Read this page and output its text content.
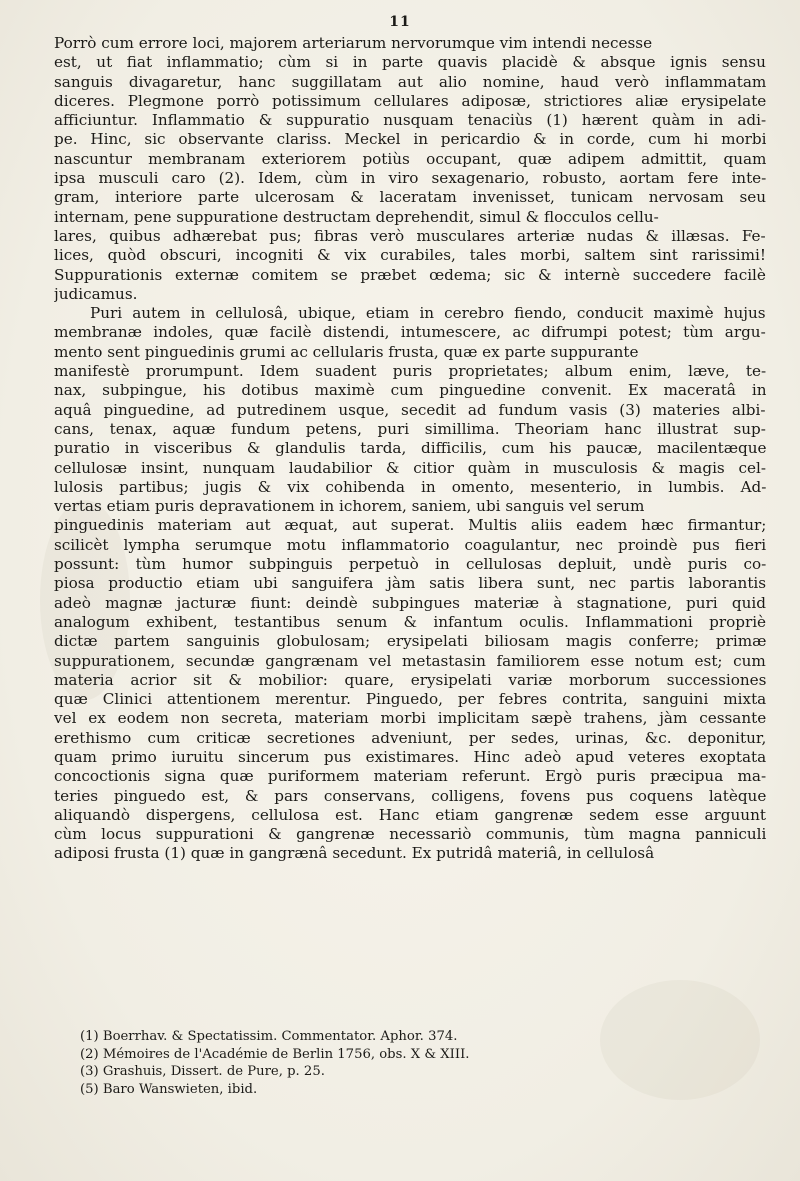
11
Porrò cum errore loci, majorem arteriarum nervorumque vim intendi necesse
est, ut fiat inflammatio; cùm si in parte quavis placidè & absque ignis sensu
sanguis divagaretur, hanc suggillatam aut alio nomine, haud verò inflammatam
diceres. Plegmone porrò potissimum cellulares adiposæ, strictiores aliæ erysipelate
afficiuntur. Inflammatio & suppuratio nusquam tenaciùs (1) hærent quàm in adi-
pe. Hinc, sic observante clariss. Meckel in pericardio & in corde, cum hi morbi
nascuntur membranam exteriorem potiùs occupant, quæ adipem admittit, quam
ipsa musculi caro (2). Idem, cùm in viro sexagenario, robusto, aortam fere inte-
gram, interiore parte ulcerosam & laceratam invenisset, tunicam nervosam seu
internam, pene suppuratione destructam deprehendit, simul & flocculos cellu-
lares, quibus adhærebat pus; fibras verò musculares arteriæ nudas & illæsas. Fe-
lices, quòd obscuri, incogniti & vix curabiles, tales morbi, saltem sint rarissimi!
Suppurationis externæ comitem se præbet œdema; sic & internè succedere facilè
judicamus.
Puri autem in cellulosâ, ubique, etiam in cerebro fiendo, conducit maximè hujus
membranæ indoles, quæ facilè distendi, intumescere, ac difrumpi potest; tùm argu-
mento sent pinguedinis grumi ac cellularis frusta, quæ ex parte suppurante
manifestè prorumpunt. Idem suadent puris proprietates; album enim, læve, te-
nax, subpingue, his dotibus maximè cum pinguedine convenit. Ex maceratâ in
aquâ pinguedine, ad putredinem usque, secedit ad fundum vasis (3) materies albi-
cans, tenax, aquæ fundum petens, puri simillima. Theoriam hanc illustrat sup-
puratio in visceribus & glandulis tarda, difficilis, cum his paucæ, macilentæque
cellulosæ insint, nunquam laudabilior & citior quàm in musculosis & magis cel-
lulosis partibus; jugis & vix cohibenda in omento, mesenterio, in lumbis. Ad-
vertas etiam puris depravationem in ichorem, saniem, ubi sanguis vel serum
pinguedinis materiam aut æquat, aut superat. Multis aliis eadem hæc firmantur;
scilicèt lympha serumque motu inflammatorio coagulantur, nec proindè pus fieri
possunt: tùm humor subpinguis perpetuò in cellulosas depluit, undè puris co-
piosa productio etiam ubi sanguifera jàm satis libera sunt, nec partis laborantis
adeò magnæ jacturæ fiunt: deindè subpingues materiæ à stagnatione, puri quid
analogum exhibent, testantibus senum & infantum oculis. Inflammationi propriè
dictæ partem sanguinis globulosam; erysipelati biliosam magis conferre; primæ
suppurationem, secundæ gangrænam vel metastasin familiorem esse notum est; cum
materia acrior sit & mobilior: quare, erysipelati variæ morborum successiones
quæ Clinici attentionem merentur. Pinguedo, per febres contrita, sanguini mixta
vel ex eodem non secreta, materiam morbi implicitam sæpè trahens, jàm cessante
erethismo cum criticæ secretiones adveniunt, per sedes, urinas, &c. deponitur,
quam primo iuruitu sincerum pus existimares. Hinc adeò apud veteres exoptata
concoctionis signa quæ puriformem materiam referunt. Ergò puris præcipua ma-
teries pinguedo est, & pars conservans, colligens, fovens pus coquens latèque
aliquandò dispergens, cellulosa est. Hanc etiam gangrenæ sedem esse arguunt
cùm locus suppurationi & gangrenæ necessariò communis, tùm magna panniculi
adiposi frusta (1) quæ in gangrænâ secedunt. Ex putridâ materiâ, in cellulosâ
(1) Boerrhav. & Spectatissim. Commentator. Aphor. 374.
(2) Mémoires de l'Académie de Berlin 1756, obs. X & XIII.
(3) Grashuis, Dissert. de Pure, p. 25.
(5) Baro Wanswieten, ibid.
